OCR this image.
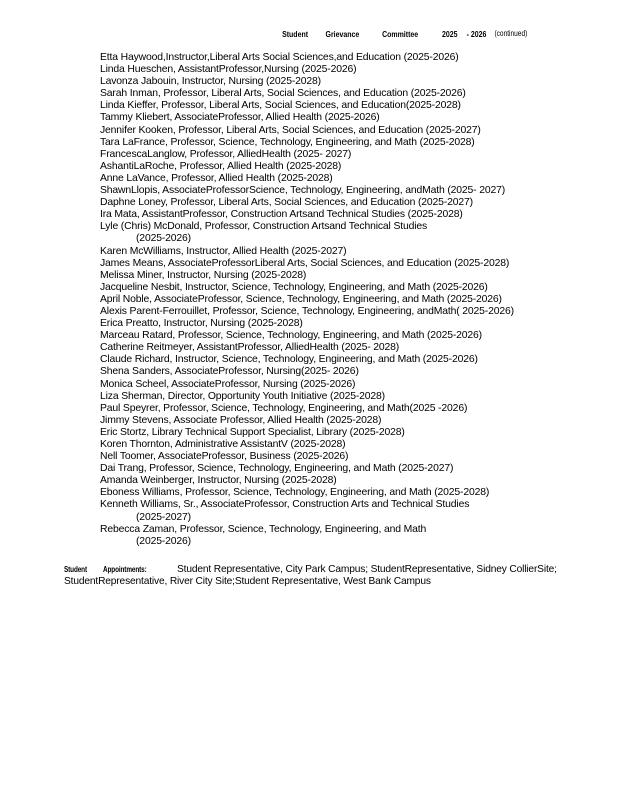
Student Grievance	Committee	2025 - 2026 (continued)
Etta Haywood,Instructor,Liberal Arts Social Sciences,and Education (2025-2026)
Linda Hueschen, AssistantProfessor,Nursing (2025-2026)
Lavonza Jabouin, Instructor, Nursing (2025-2028)
Sarah Inman, Professor, Liberal Arts, Social Sciences, and Education (2025-2026)
Linda Kieffer, Professor, Liberal Arts, Social Sciences, and Education(2025-2028)
Tammy Kliebert, AssociateProfessor, Allied Health (2025-2026)
Jennifer Kooken, Professor, Liberal Arts, Social Sciences, and Education (2025-2027)
Tara LaFrance, Professor, Science, Technology, Engineering, and Math (2025-2028)
FrancescaLanglow, Professor, AlliedHealth (2025- 2027)
AshantiLaRoche, Professor, Allied Health (2025-2028)
Anne LaVance, Professor, Allied Health (2025-2028)
ShawnLlopis, AssociateProfessorScience, Technology, Engineering, andMath (2025- 2027)
Daphne Loney, Professor, Liberal Arts, Social Sciences, and Education (2025-2027)
Ira Mata, AssistantProfessor, Construction Artsand Technical Studies (2025-2028)
Lyle (Chris) McDonald, Professor, Construction Artsand Technical Studies
(2025-2026)
Karen McWilliams, Instructor, Allied Health (2025-2027)
James Means, AssociateProfessorLiberal Arts, Social Sciences, and Education (2025-2028)
Melissa Miner, Instructor, Nursing (2025-2028)
Jacqueline Nesbit, Instructor, Science, Technology, Engineering, and Math (2025-2026)
April Noble, AssociateProfessor, Science, Technology, Engineering, and Math (2025-2026)
Alexis Parent-Ferrouillet, Professor, Science, Technology, Engineering, andMath( 2025-2026)
Erica Preatto, Instructor, Nursing (2025-2028)
Marceau Ratard, Professor, Science, Technology, Engineering, and Math (2025-2026)
Catherine Reitmeyer, AssistantProfessor, AlliedHealth (2025- 2028)
Claude Richard, Instructor, Science, Technology, Engineering, and Math (2025-2026)
Shena Sanders, AssociateProfessor, Nursing(2025- 2026)
Monica Scheel, AssociateProfessor, Nursing (2025-2026)
Liza Sherman, Director, Opportunity Youth Initiative (2025-2028)
Paul Speyrer, Professor, Science, Technology, Engineering, and Math(2025 -2026)
Jimmy Stevens, Associate Professor, Allied Health (2025-2028)
Eric Stortz, Library Technical Support Specialist, Library (2025-2028)
Koren Thornton, Administrative AssistantV (2025-2028)
Nell Toomer, AssociateProfessor, Business (2025-2026)
Dai Trang, Professor, Science, Technology, Engineering, and Math (2025-2027)
Amanda Weinberger, Instructor, Nursing (2025-2028)
Eboness Williams, Professor, Science, Technology, Engineering, and Math (2025-2028)
Kenneth Williams, Sr., AssociateProfessor, Construction Arts and Technical Studies
(2025-2027)
Rebecca Zaman, Professor, Science, Technology, Engineering, and Math
(2025-2026)
Student Appointments:	Student Representative, City Park Campus; StudentRepresentative, Sidney CollierSite; StudentRepresentative, River City Site;Student Representative, West Bank Campus
